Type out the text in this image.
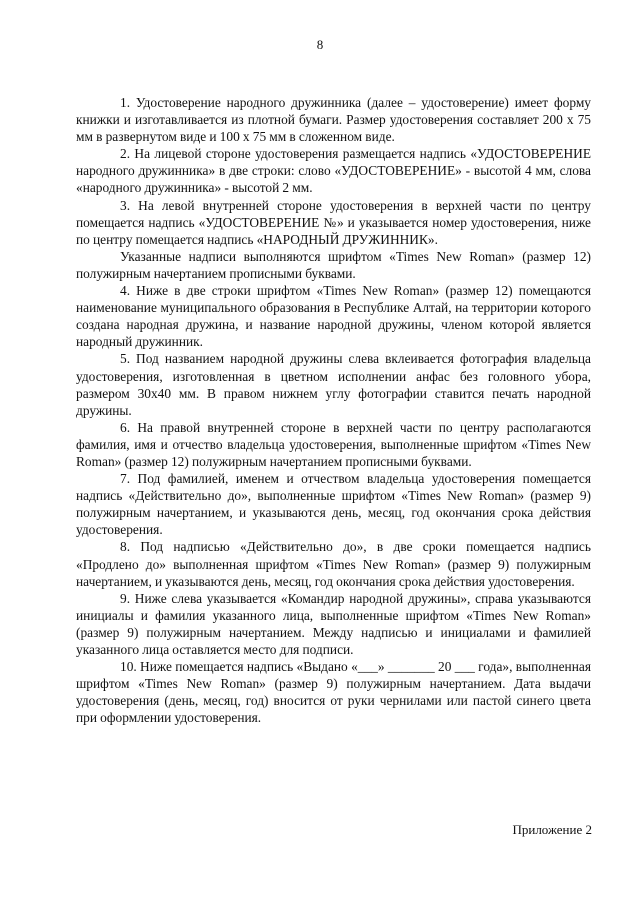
8

1. Удостоверение народного дружинника (далее – удостоверение) имеет форму книжки и изготавливается из плотной бумаги. Размер удостоверения составляет 200 х 75 мм в развернутом виде и 100 х 75 мм в сложенном виде.

2. На лицевой стороне удостоверения размещается надпись «УДОСТОВЕРЕНИЕ народного дружинника» в две строки: слово «УДОСТОВЕРЕНИЕ» - высотой 4 мм, слова «народного дружинника» - высотой 2 мм.

3. На левой внутренней стороне удостоверения в верхней части по центру помещается надпись «УДОСТОВЕРЕНИЕ №» и указывается номер удостоверения, ниже по центру помещается надпись «НАРОДНЫЙ ДРУЖИННИК».

Указанные надписи выполняются шрифтом «Times New Roman» (размер 12) полужирным начертанием прописными буквами.

4. Ниже в две строки шрифтом «Times New Roman» (размер 12) помещаются наименование муниципального образования в Республике Алтай, на территории которого создана народная дружина, и название народной дружины, членом которой является народный дружинник.

5. Под названием народной дружины слева вклеивается фотография владельца удостоверения, изготовленная в цветном исполнении анфас без головного убора, размером 30х40 мм. В правом нижнем углу фотографии ставится печать народной дружины.

6. На правой внутренней стороне в верхней части по центру располагаются фамилия, имя и отчество владельца удостоверения, выполненные шрифтом «Times New Roman» (размер 12) полужирным начертанием прописными буквами.

7. Под фамилией, именем и отчеством владельца удостоверения помещается надпись «Действительно до», выполненные шрифтом «Times New Roman» (размер 9) полужирным начертанием, и указываются день, месяц, год окончания срока действия удостоверения.

8. Под надписью «Действительно до», в две сроки помещается надпись «Продлено до» выполненная шрифтом «Times New Roman» (размер 9) полужирным начертанием, и указываются день, месяц, год окончания срока действия удостоверения.

9. Ниже слева указывается «Командир народной дружины», справа указываются инициалы и фамилия указанного лица, выполненные шрифтом «Times New Roman» (размер 9) полужирным начертанием. Между надписью и инициалами и фамилией указанного лица оставляется место для подписи.

10. Ниже помещается надпись «Выдано «___» _______ 20 ___ года», выполненная шрифтом «Times New Roman» (размер 9) полужирным начертанием. Дата выдачи удостоверения (день, месяц, год) вносится от руки чернилами или пастой синего цвета при оформлении удостоверения.

Приложение 2
